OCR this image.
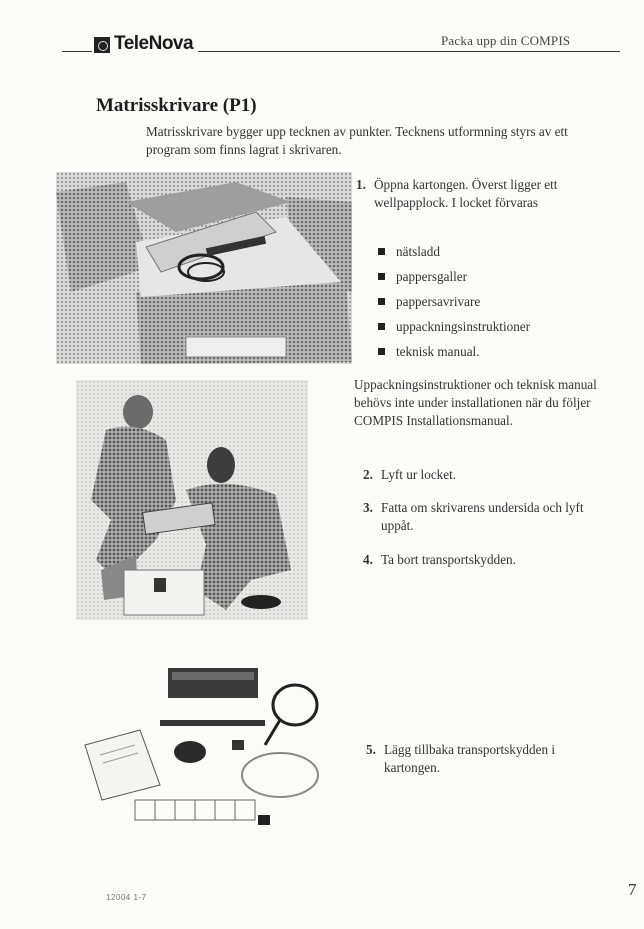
TeleNova	Packa upp din COMPIS
Matrisskrivare (P1)
Matrisskrivare bygger upp tecknen av punkter. Tecknens utformning styrs av ett program som finns lagrat i skrivaren.
1. Öppna kartongen. Överst ligger ett wellpapplock. I locket förvaras
nätsladd
pappersgaller
pappersavrivare
uppackningsinstruktioner
teknisk manual.
Uppackningsinstruktioner och teknisk manual behövs inte under installationen när du följer COMPIS Installationsmanual.
2. Lyft ur locket.
3. Fatta om skrivarens undersida och lyft uppåt.
4. Ta bort transportskydden.
5. Lägg tillbaka transportskydden i kartongen.
12004 1-7	7
